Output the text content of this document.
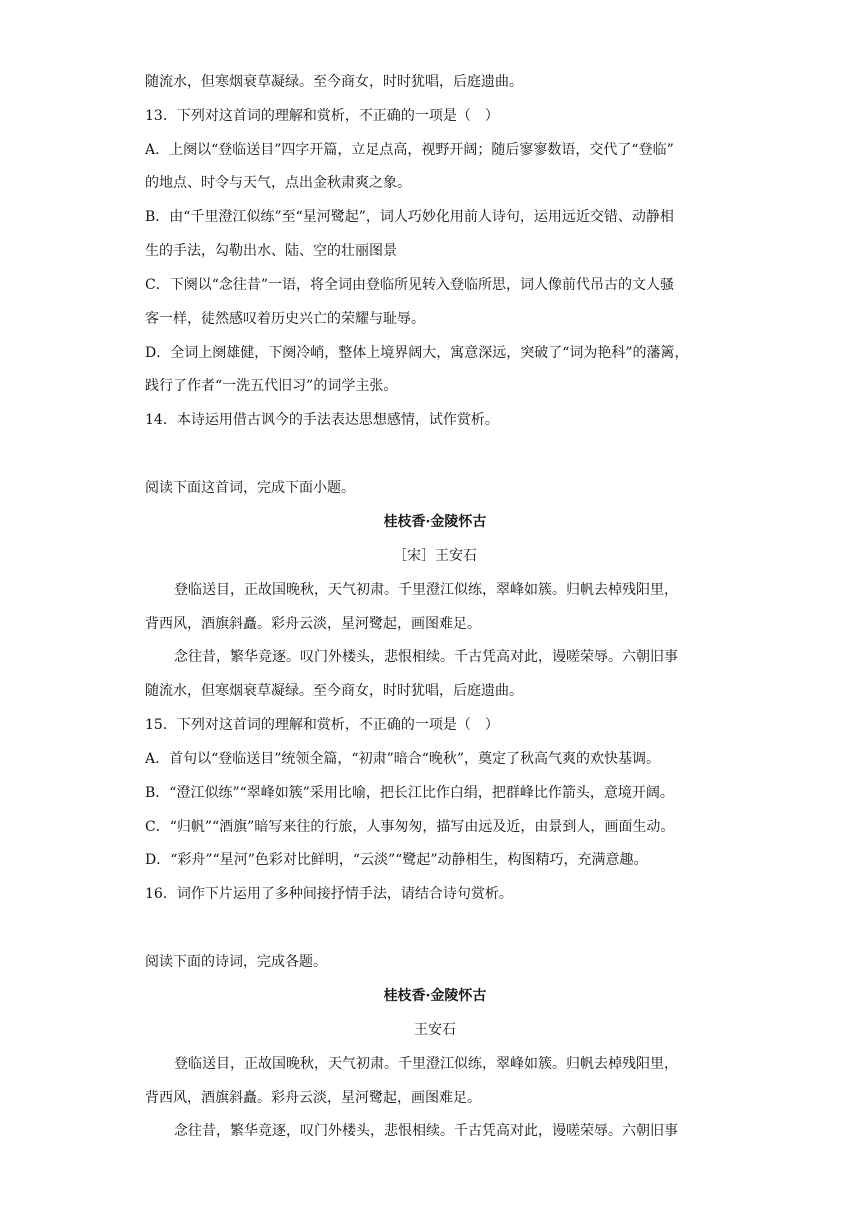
随流水，但寒烟衰草凝绿。至今商女，时时犹唱，后庭遗曲。
13．下列对这首词的理解和赏析，不正确的一项是（　）
A．上阕以“登临送目”四字开篇，立足点高，视野开阔；随后寥寥数语，交代了“登临”
的地点、时令与天气，点出金秋肃爽之象。
B．由“千里澄江似练”至“星河鹭起”，词人巧妙化用前人诗句，运用远近交错、动静相
生的手法，勾勒出水、陆、空的壮丽图景
C．下阕以“念往昔”一语，将全词由登临所见转入登临所思，词人像前代吊古的文人骚
客一样，徒然感叹着历史兴亡的荣耀与耻辱。
D．全词上阕雄健，下阕冷峭，整体上境界阔大，寓意深远，突破了“词为艳科”的藩篱，
践行了作者“一洗五代旧习”的词学主张。
14．本诗运用借古讽今的手法表达思想感情，试作赏析。
阅读下面这首词，完成下面小题。
桂枝香·金陵怀古
［宋］王安石
登临送目，正故国晚秋，天气初肃。千里澄江似练，翠峰如簇。归帆去棹残阳里，
背西风，酒旗斜矗。彩舟云淡，星河鹭起，画图难足。
念往昔，繁华竞逐。叹门外楼头，悲恨相续。千古凭高对此，谩嗟荣辱。六朝旧事
随流水，但寒烟衰草凝绿。至今商女，时时犹唱，后庭遗曲。
15．下列对这首词的理解和赏析，不正确的一项是（　）
A．首句以“登临送目”统领全篇，“初肃”暗合“晚秋”，奠定了秋高气爽的欢快基调。
B．“澄江似练”“翠峰如簇”采用比喻，把长江比作白绢，把群峰比作箭头，意境开阔。
C．“归帆”“酒旗”暗写来往的行旅，人事匆匆，描写由远及近，由景到人，画面生动。
D．“彩舟”“星河”色彩对比鲜明，“云淡”“鹭起”动静相生，构图精巧，充满意趣。
16．词作下片运用了多种间接抒情手法，请结合诗句赏析。
阅读下面的诗词，完成各题。
桂枝香·金陵怀古
王安石
登临送目，正故国晚秋，天气初肃。千里澄江似练，翠峰如簇。归帆去棹残阳里，
背西风，酒旗斜矗。彩舟云淡，星河鹭起，画图难足。
念往昔，繁华竞逐，叹门外楼头，悲恨相续。千古凭高对此，谩嗟荣辱。六朝旧事
